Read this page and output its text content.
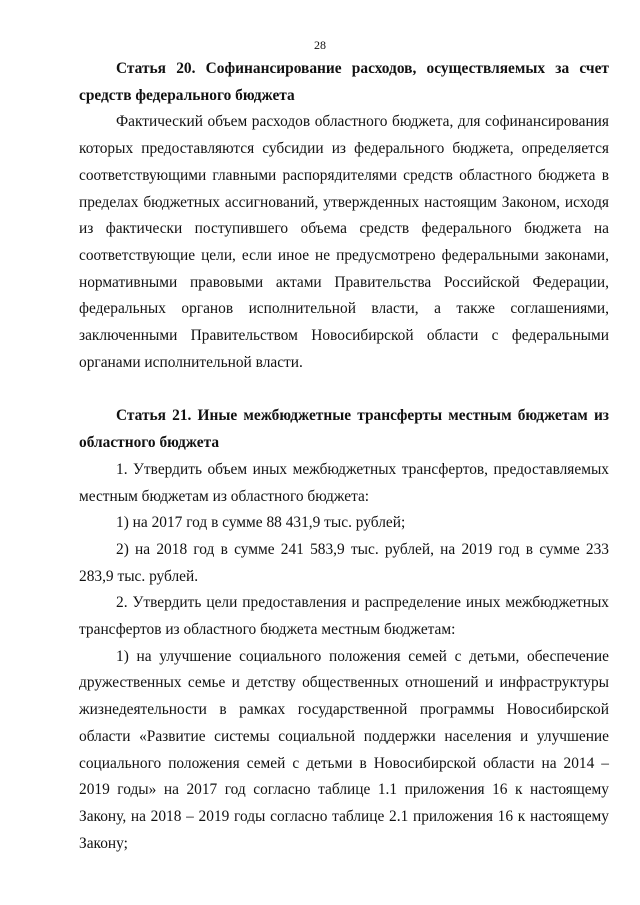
28

Статья 20. Софинансирование расходов, осуществляемых за счет средств федерального бюджета

Фактический объем расходов областного бюджета, для софинансирования которых предоставляются субсидии из федерального бюджета, определяется соответствующими главными распорядителями средств областного бюджета в пределах бюджетных ассигнований, утвержденных настоящим Законом, исходя из фактически поступившего объема средств федерального бюджета на соответствующие цели, если иное не предусмотрено федеральными законами, нормативными правовыми актами Правительства Российской Федерации, федеральных органов исполнительной власти, а также соглашениями, заключенными Правительством Новосибирской области с федеральными органами исполнительной власти.

Статья 21. Иные межбюджетные трансферты местным бюджетам из областного бюджета

1. Утвердить объем иных межбюджетных трансфертов, предоставляемых местным бюджетам из областного бюджета:

1) на 2017 год в сумме 88 431,9 тыс. рублей;

2) на 2018 год в сумме 241 583,9 тыс. рублей, на 2019 год в сумме 233 283,9 тыс. рублей.

2. Утвердить цели предоставления и распределение иных межбюджетных трансфертов из областного бюджета местным бюджетам:

1) на улучшение социального положения семей с детьми, обеспечение дружественных семье и детству общественных отношений и инфраструктуры жизнедеятельности в рамках государственной программы Новосибирской области «Развитие системы социальной поддержки населения и улучшение социального положения семей с детьми в Новосибирской области на 2014 – 2019 годы» на 2017 год согласно таблице 1.1 приложения 16 к настоящему Закону, на 2018 – 2019 годы согласно таблице 2.1 приложения 16 к настоящему Закону;
